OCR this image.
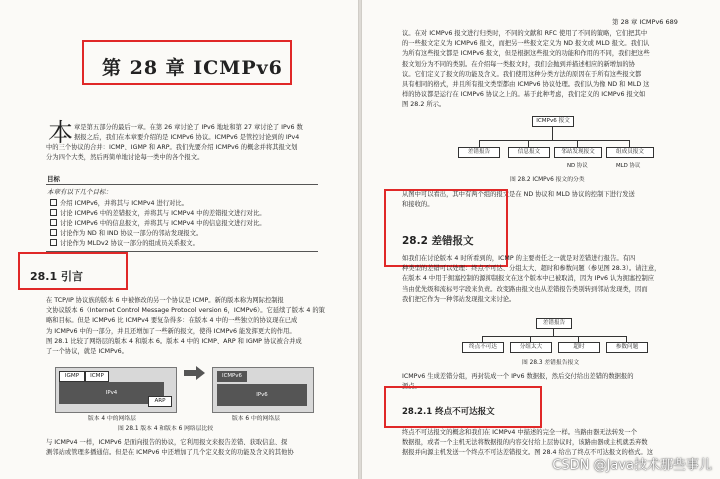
第 28 章 ICMPv6
本 章是第五部分的最后一章。在第 26 章讨论了 IPv6 地址和第 27 章讨论了 IPv6 数
据报之后，我们在本章要介绍的是 ICMPv6 协议。ICMPv6 是管控讨论到的 IPv4
中的三个协议的合并：ICMP、IGMP 和 ARP。我们先要介绍 ICMPv6 的概念并将其报文划
分为四个大类，然后再简单地讨论每一类中的各个报文。
目标
本章有以下几个目标：
介绍 ICMPv6，并将其与 ICMPv4 进行对比。
讨论 ICMPv6 中的差错报文，并将其与 ICMPv4 中的差错报文进行对比。
讨论 ICMPv6 中的信息报文，并将其与 ICMPv4 中的信息报文进行对比。
讨论作为 ND 和 IND 协议一部分的邻站发现报文。
讨论作为 MLDv2 协议一部分的组成员关系报文。
28.1 引言
在 TCP/IP 协议族的版本 6 中被修改的另一个协议是 ICMP。新的版本称为网际控制报
文协议版本 6（Internet Control Message Protocol version 6，ICMPv6）。它延续了版本 4 的策
略和目标。但是 ICMPv6 比 ICMPv4 要复杂得多：在版本 4 中的一些独立的协议现在已成
为 ICMPv6 中的一部分，并且还增加了一些新的报文，使得 ICMPv6 能发挥更大的作用。
图 28.1 比较了网络层的版本 4 和版本 6。版本 4 中的 ICMP、ARP 和 IGMP 协议被合并成
了一个协议，就是 ICMPv6。
IGMP	ICMP
IPv4
ARP
版本 4 中的网络层
ICMPv6
IPv6
版本 6 中的网络层
图 28.1 版本 4 和版本 6 网络层比较
与 ICMPv4 一样，ICMPv6 是面向报告的协议，它利用报文来报告差错、获取信息、探
测邻站或管理多播通信。但是在 ICMPv6 中还增加了几个定义报文的功能及含义的其他协
第 28 章 ICMPv6 689
议。在对 ICMPv6 报文进行归类时，不同的文献和 RFC 使用了不同的策略，它们把其中
的一些报文定义为 ICMPv6 报文，而把另一些报文定义为 ND 报文或 MLD 报文。我们认
为所有这些报文都是 ICMPv6 报文，但是根据这些报文的功能和作用的不同，我们把这些
报文划分为不同的类别。在介绍每一类报文时，我们会抛到并描述相应的新增加的协
议。它们定义了报文的功能及含义。我们使用这种分类方法的原因在于所有这些报文都
具有相同的格式，并且所有报文类型都由 ICMPv6 协议处理。我们认为像 ND 和 MLD 这
样的协议都是运行在 ICMPv6 协议之上的。基于此种考虑，我们定义的 ICMPv6 报文如
图 28.2 所示。
ICMPv6 报文
差错报告	信息报文	邻站发现报文	组成员报文
ND 协议	MLD 协议
图 28.2 ICMPv6 报文的分类
从图中可以看出，其中有两个组的报文是在 ND 协议和 MLD 协议的控制下进行发送
和接收的。
28.2 差错报文
如我们在讨论版本 4 时所看到的，ICMP 的主要责任之一就是对差错进行报告。有四
种类型的差错可以处理：终点不可达、分组太大、超时和参数问题（参见图 28.3）。请注意，
在版本 4 中用于拥塞控制的源抑制报文在这个版本中已被取消，因为 IPv6 认为拥塞控制应
当由优先级和流标号字段来负责。改变路由报文也从差错报告类别转到邻站发现类，因而
我们把它作为一种邻站发现报文来讨论。
差错报告
终点不可达	分组太大	超时	参数问题
图 28.3 差错报告报文
ICMPv6 生成差错分组，再封装成一个 IPv6 数据报，然后交付给出差错的数据报的
源点。
28.2.1 终点不可达报文
终点不可达报文的概念和我们在 ICMPv4 中描述的完全一样。当路由器无法转发一个
数据报，或者一个主机无法将数据报的内容交付给上层协议时，该路由器或主机就丢弃数
据报并向源主机发送一个终点不可达差错报文。图 28.4 给出了终点不可达报文的格式。这
CSDN @Java技术那些事儿
